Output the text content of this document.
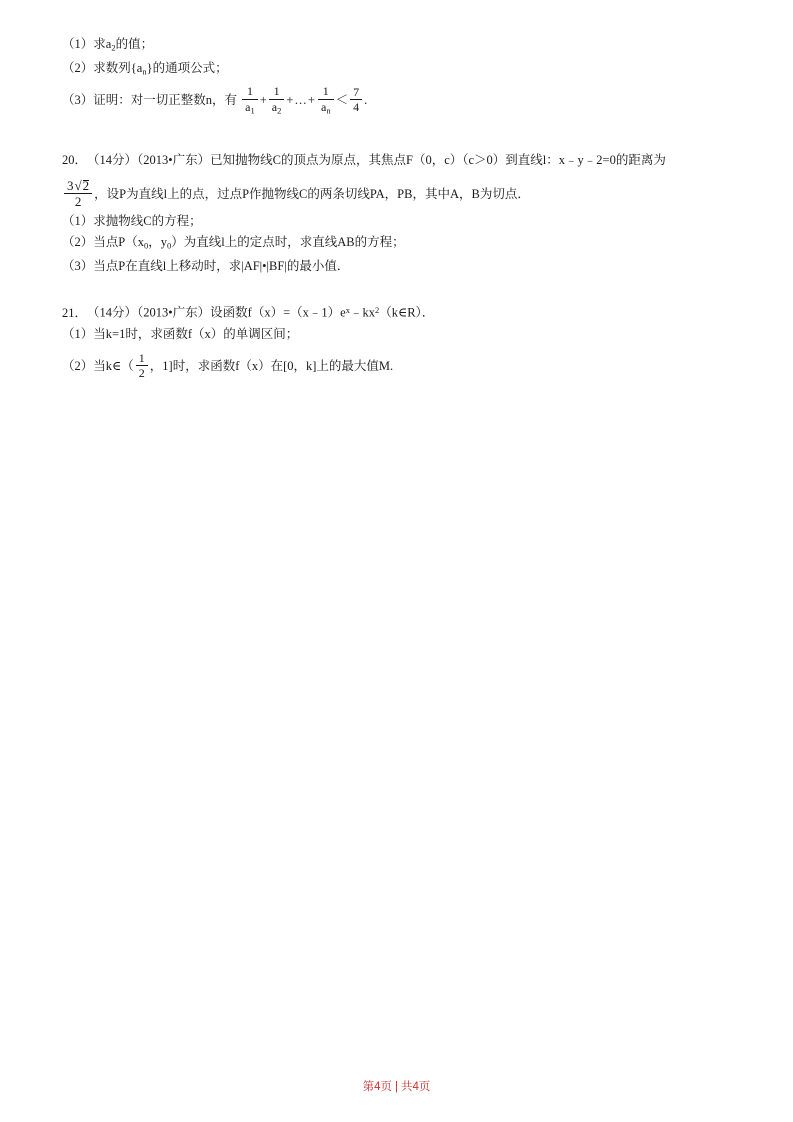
（1）求$a_2$的值；
（2）求数列$\{a_n\}$的通项公式；
（3）证明：对一切正整数n，有 $\frac{1}{a_1} + \frac{1}{a_2}$ +…+ $\frac{1}{a_n} < \frac{7}{4}$ .
20．（14分）（2013•广东）已知抛物线C的顶点为原点，其焦点F（0，c）（c＞0）到直线l：x﹣y﹣2=0的距离为
3√
2
2 ，设P为直线l上的点，过点P作抛物线C的两条切线PA，PB，其中A，B为切点．
（1）求抛物线C的方程；
（2）当点$P(x_0$，$y_0$）为直线l上的定点时，求直线AB的方程；
（3）当点P在直线l上移动时，求|AF|•|BF|的最小值．
21．（14分）（2013•广东）设函数$f(x)=(x﹣1)e^x﹣kx^2(k\in R)$．
（1）当k=1时，求函数f（x）的单调区间；
（2）当k∈（ $\frac{1}{2}$ ，1]时，求函数f（x）在[0，k]上的最大值M.
第4页 | 共4页
